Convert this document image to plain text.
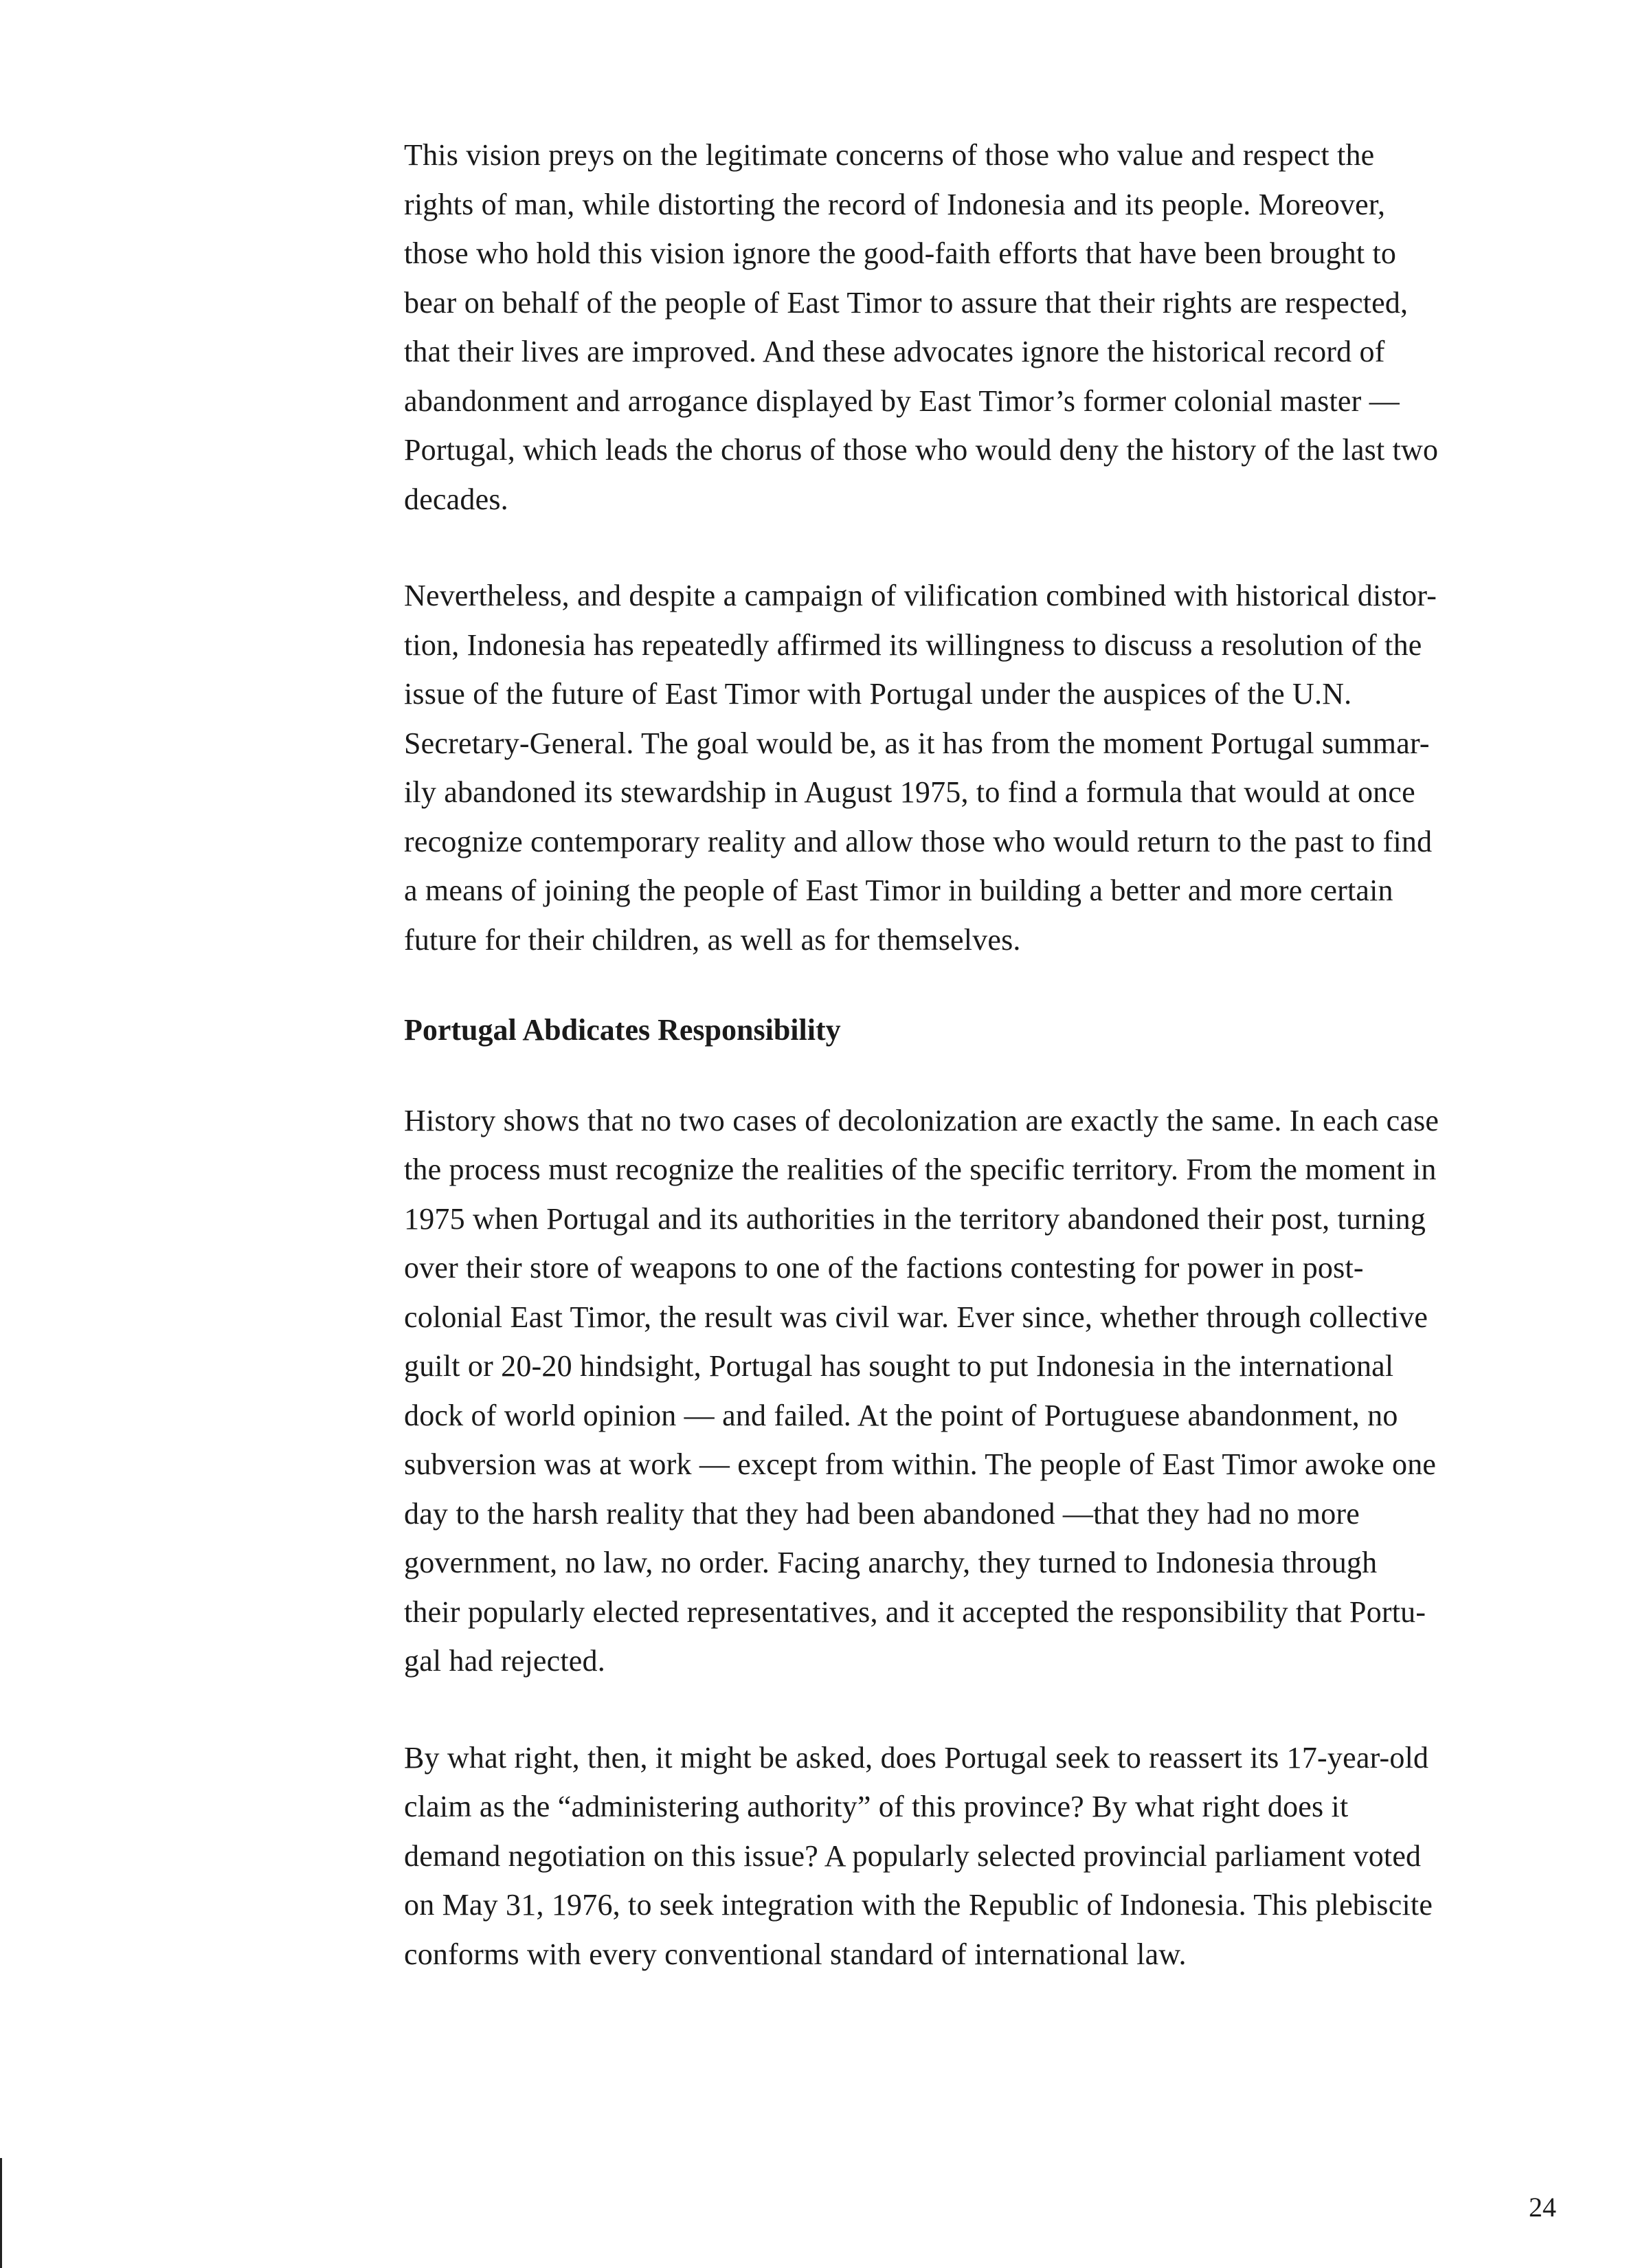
This vision preys on the legitimate concerns of those who value and respect the
rights of man, while distorting the record of Indonesia and its people. Moreover,
those who hold this vision ignore the good-faith efforts that have been brought to
bear on behalf of the people of East Timor to assure that their rights are respected,
that their lives are improved. And these advocates ignore the historical record of
abandonment and arrogance displayed by East Timor’s former colonial master —
Portugal, which leads the chorus of those who would deny the history of the last two
decades.

Nevertheless, and despite a campaign of vilification combined with historical distor-
tion, Indonesia has repeatedly affirmed its willingness to discuss a resolution of the
issue of the future of East Timor with Portugal under the auspices of the U.N.
Secretary-General. The goal would be, as it has from the moment Portugal summar-
ily abandoned its stewardship in August 1975, to find a formula that would at once
recognize contemporary reality and allow those who would return to the past to find
a means of joining the people of East Timor in building a better and more certain
future for their children, as well as for themselves.

Portugal Abdicates Responsibility

History shows that no two cases of decolonization are exactly the same. In each case
the process must recognize the realities of the specific territory. From the moment in
1975 when Portugal and its authorities in the territory abandoned their post, turning
over their store of weapons to one of the factions contesting for power in post-
colonial East Timor, the result was civil war. Ever since, whether through collective
guilt or 20-20 hindsight, Portugal has sought to put Indonesia in the international
dock of world opinion — and failed. At the point of Portuguese abandonment, no
subversion was at work — except from within. The people of East Timor awoke one
day to the harsh reality that they had been abandoned —that they had no more
government, no law, no order. Facing anarchy, they turned to Indonesia through
their popularly elected representatives, and it accepted the responsibility that Portu-
gal had rejected.

By what right, then, it might be asked, does Portugal seek to reassert its 17-year-old
claim as the “administering authority” of this province? By what right does it
demand negotiation on this issue? A popularly selected provincial parliament voted
on May 31, 1976, to seek integration with the Republic of Indonesia. This plebiscite
conforms with every conventional standard of international law.

24
